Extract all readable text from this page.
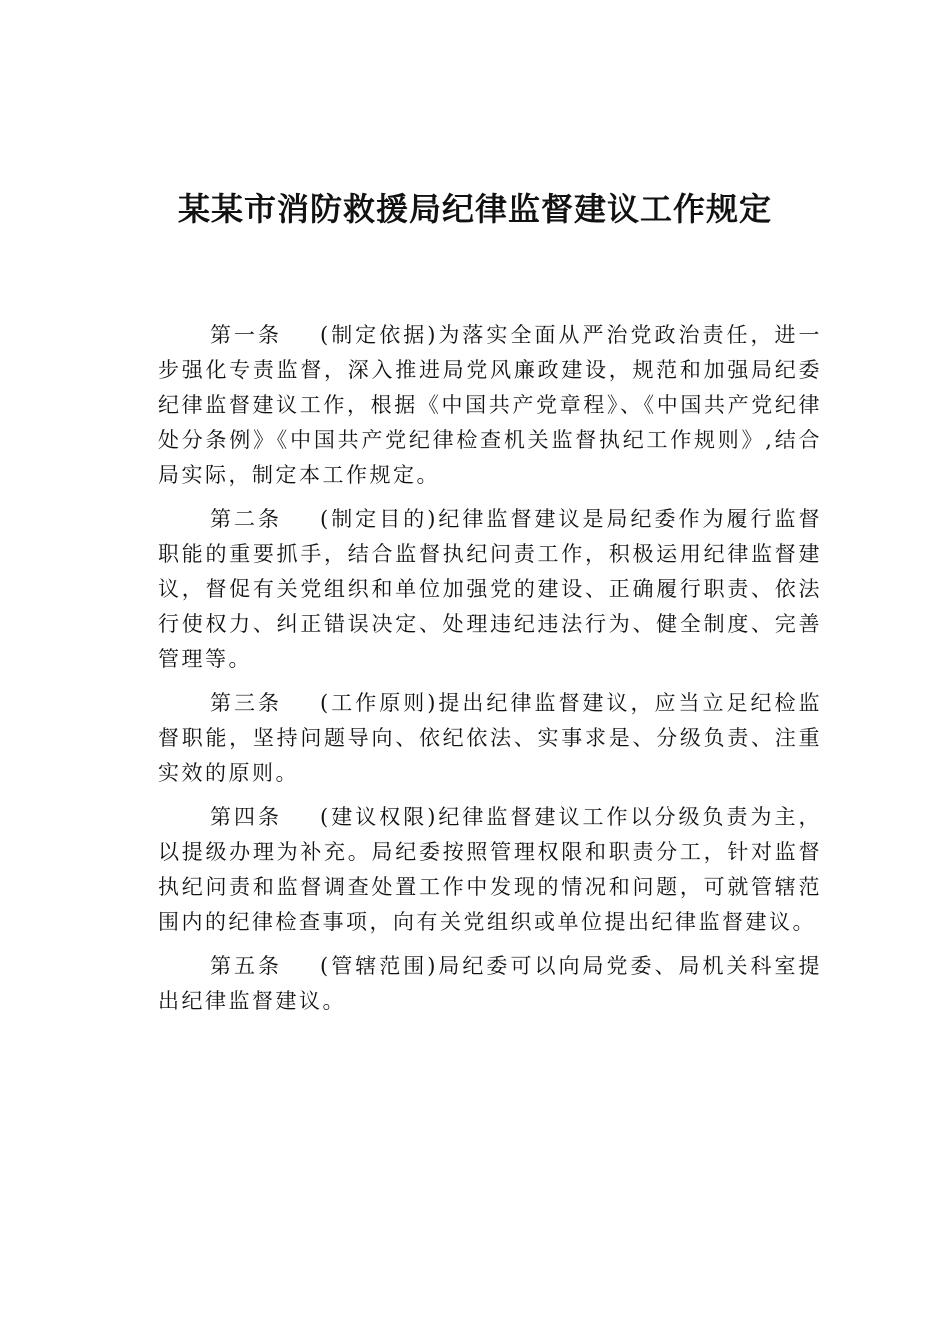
某某市消防救援局纪律监督建议工作规定

第一条 (制定依据)为落实全面从严治党政治责任，进一步强化专责监督，深入推进局党风廉政建设，规范和加强局纪委纪律监督建议工作，根据《中国共产党章程》、《中国共产党纪律处分条例》《中国共产党纪律检查机关监督执纪工作规则》,结合局实际，制定本工作规定。

第二条 (制定目的)纪律监督建议是局纪委作为履行监督职能的重要抓手，结合监督执纪问责工作，积极运用纪律监督建议，督促有关党组织和单位加强党的建设、正确履行职责、依法行使权力、纠正错误决定、处理违纪违法行为、健全制度、完善管理等。

第三条 (工作原则)提出纪律监督建议，应当立足纪检监督职能，坚持问题导向、依纪依法、实事求是、分级负责、注重实效的原则。

第四条 (建议权限)纪律监督建议工作以分级负责为主，以提级办理为补充。局纪委按照管理权限和职责分工，针对监督执纪问责和监督调查处置工作中发现的情况和问题，可就管辖范围内的纪律检查事项，向有关党组织或单位提出纪律监督建议。

第五条 (管辖范围)局纪委可以向局党委、局机关科室提出纪律监督建议。
